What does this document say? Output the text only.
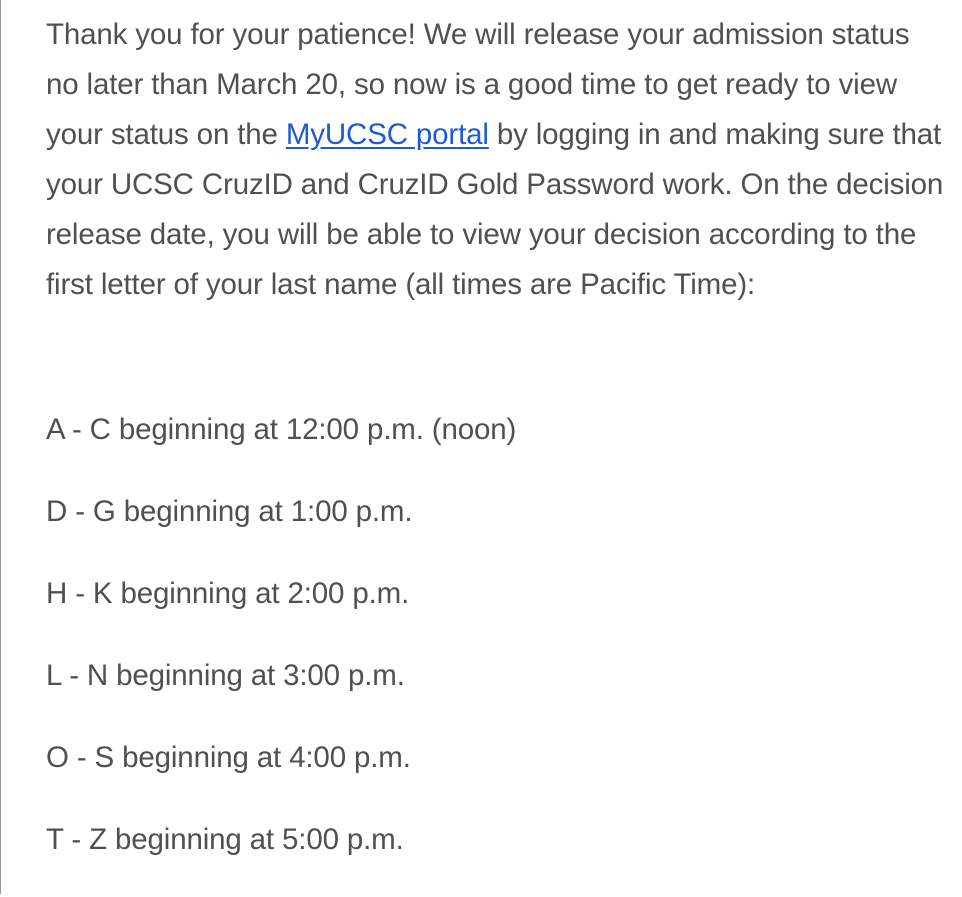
Thank you for your patience! We will release your admission status no later than March 20, so now is a good time to get ready to view your status on the MyUCSC portal by logging in and making sure that your UCSC CruzID and CruzID Gold Password work. On the decision release date, you will be able to view your decision according to the first letter of your last name (all times are Pacific Time):

A - C beginning at 12:00 p.m. (noon)
D - G beginning at 1:00 p.m.
H - K beginning at 2:00 p.m.
L - N beginning at 3:00 p.m.
O - S beginning at 4:00 p.m.
T - Z beginning at 5:00 p.m.
